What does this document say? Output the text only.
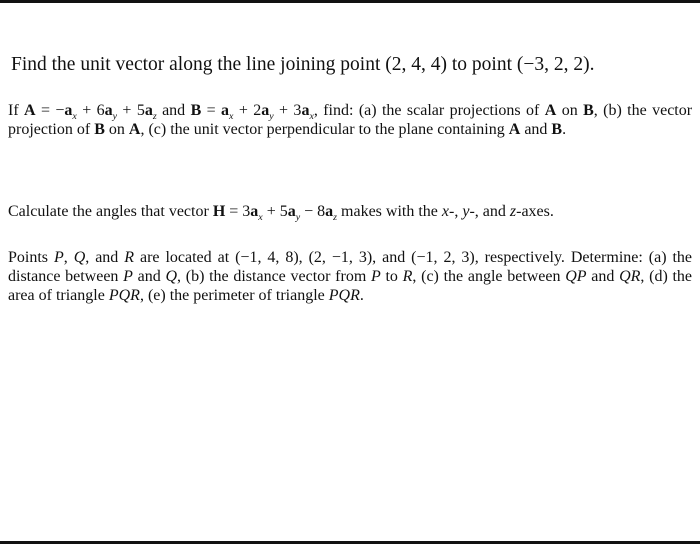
Find the unit vector along the line joining point (2, 4, 4) to point (−3, 2, 2).

If $A = -a_x + 6a_y + 5a_z$ and $B = a_x + 2a_y + 3a_x$, find: (a) the scalar projections of A on B, (b) the vector projection of B on A, (c) the unit vector perpendicular to the plane containing A and B.

Calculate the angles that vector $H = 3a_x + 5a_y - 8a_z$ makes with the x-, y-, and z-axes.

Points P, Q, and R are located at (−1, 4, 8), (2, −1, 3), and (−1, 2, 3), respectively. Determine: (a) the distance between P and Q, (b) the distance vector from P to R, (c) the angle between QP and QR, (d) the area of triangle PQR, (e) the perimeter of triangle PQR.
